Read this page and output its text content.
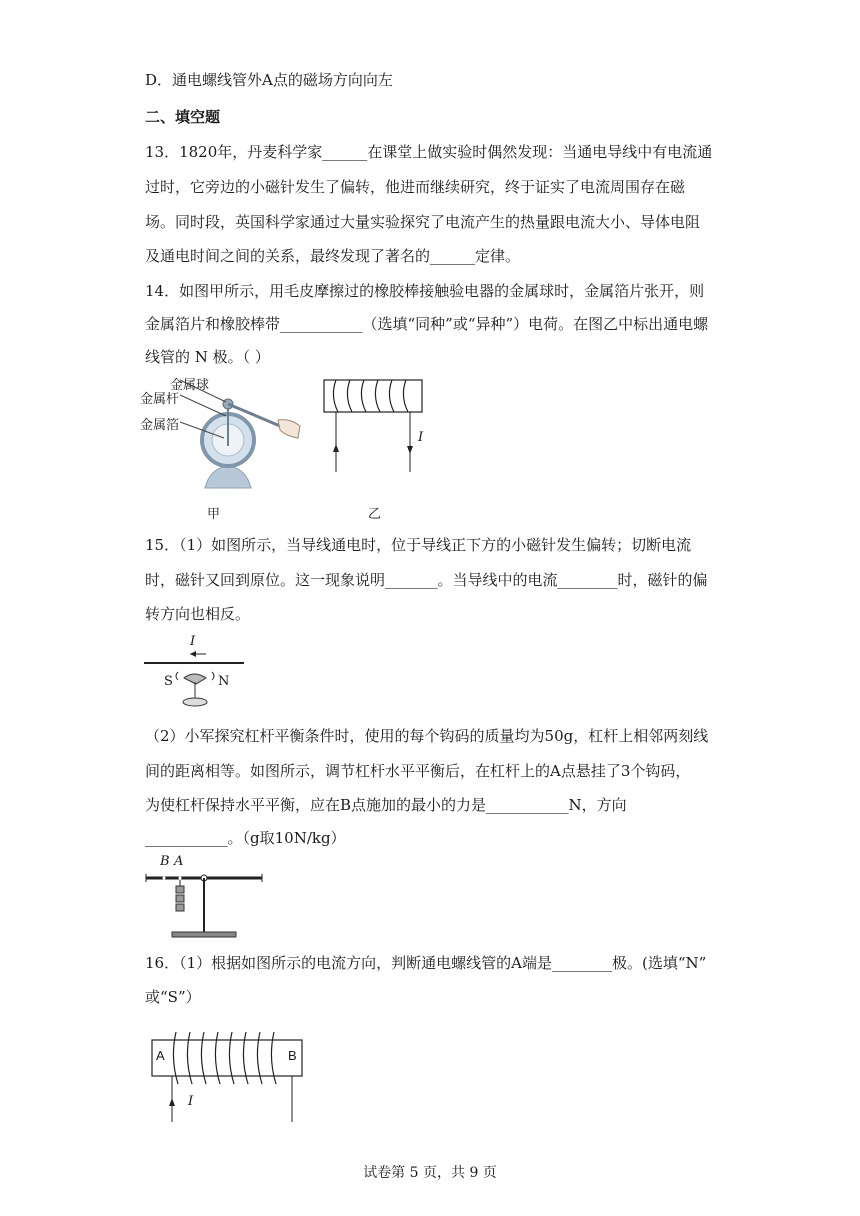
D．通电螺线管外A点的磁场方向向左
二、填空题
13．1820年，丹麦科学家______在课堂上做实验时偶然发现：当通电导线中有电流通
过时，它旁边的小磁针发生了偏转，他进而继续研究，终于证实了电流周围存在磁
场。同时段，英国科学家通过大量实验探究了电流产生的热量跟电流大小、导体电阻
及通电时间之间的关系，最终发现了著名的______定律。
14．如图甲所示，用毛皮摩擦过的橡胶棒接触验电器的金属球时，金属箔片张开，则
金属箔片和橡胶棒带___________（选填“同种”或“异种”）电荷。在图乙中标出通电螺
线管的 N 极。（ ）
金属球
金属杆
金属箔
甲
I
乙
15．（1）如图所示，当导线通电时，位于导线正下方的小磁针发生偏转；切断电流
时，磁针又回到原位。这一现象说明_______。当导线中的电流________时，磁针的偏
转方向也相反。
I
S	N
（2）小军探究杠杆平衡条件时，使用的每个钩码的质量均为50g，杠杆上相邻两刻线
间的距离相等。如图所示，调节杠杆水平平衡后，在杠杆上的A点悬挂了3个钩码，
为使杠杆保持水平平衡，应在B点施加的最小的力是___________N，方向
___________。（g取10N/kg）
B A
16．（1）根据如图所示的电流方向，判断通电螺线管的A端是________极。(选填“N”
或“S”）
A	B
I
试卷第 5 页，共 9 页
